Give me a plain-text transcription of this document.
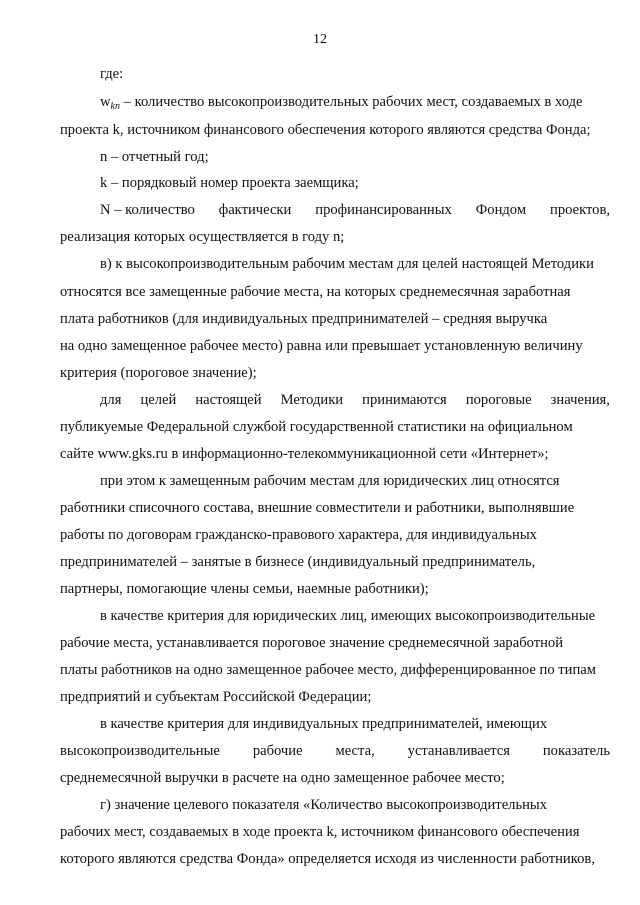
12
где:
$w_{kn}$ – количество высокопроизводительных рабочих мест, создаваемых в ходе
проекта k, источником финансового обеспечения которого являются средства Фонда;
n – отчетный год;
k – порядковый номер проекта заемщика;
N – количество фактически профинансированных Фондом проектов,
реализация которых осуществляется в году n;
в) к высокопроизводительным рабочим местам для целей настоящей Методики
относятся все замещенные рабочие места, на которых среднемесячная заработная
плата работников (для индивидуальных предпринимателей – средняя выручка
на одно замещенное рабочее место) равна или превышает установленную величину
критерия (пороговое значение);
для целей настоящей Методики принимаются пороговые значения,
публикуемые Федеральной службой государственной статистики на официальном
сайте www.gks.ru в информационно-телекоммуникационной сети «Интернет»;
при этом к замещенным рабочим местам для юридических лиц относятся
работники списочного состава, внешние совместители и работники, выполнявшие
работы по договорам гражданско-правового характера, для индивидуальных
предпринимателей – занятые в бизнесе (индивидуальный предприниматель,
партнеры, помогающие члены семьи, наемные работники);
в качестве критерия для юридических лиц, имеющих высокопроизводительные
рабочие места, устанавливается пороговое значение среднемесячной заработной
платы работников на одно замещенное рабочее место, дифференцированное по типам
предприятий и субъектам Российской Федерации;
в качестве критерия для индивидуальных предпринимателей, имеющих
высокопроизводительные рабочие места, устанавливается показатель
среднемесячной выручки в расчете на одно замещенное рабочее место;
г) значение целевого показателя «Количество высокопроизводительных
рабочих мест, создаваемых в ходе проекта k, источником финансового обеспечения
которого являются средства Фонда» определяется исходя из численности работников,
